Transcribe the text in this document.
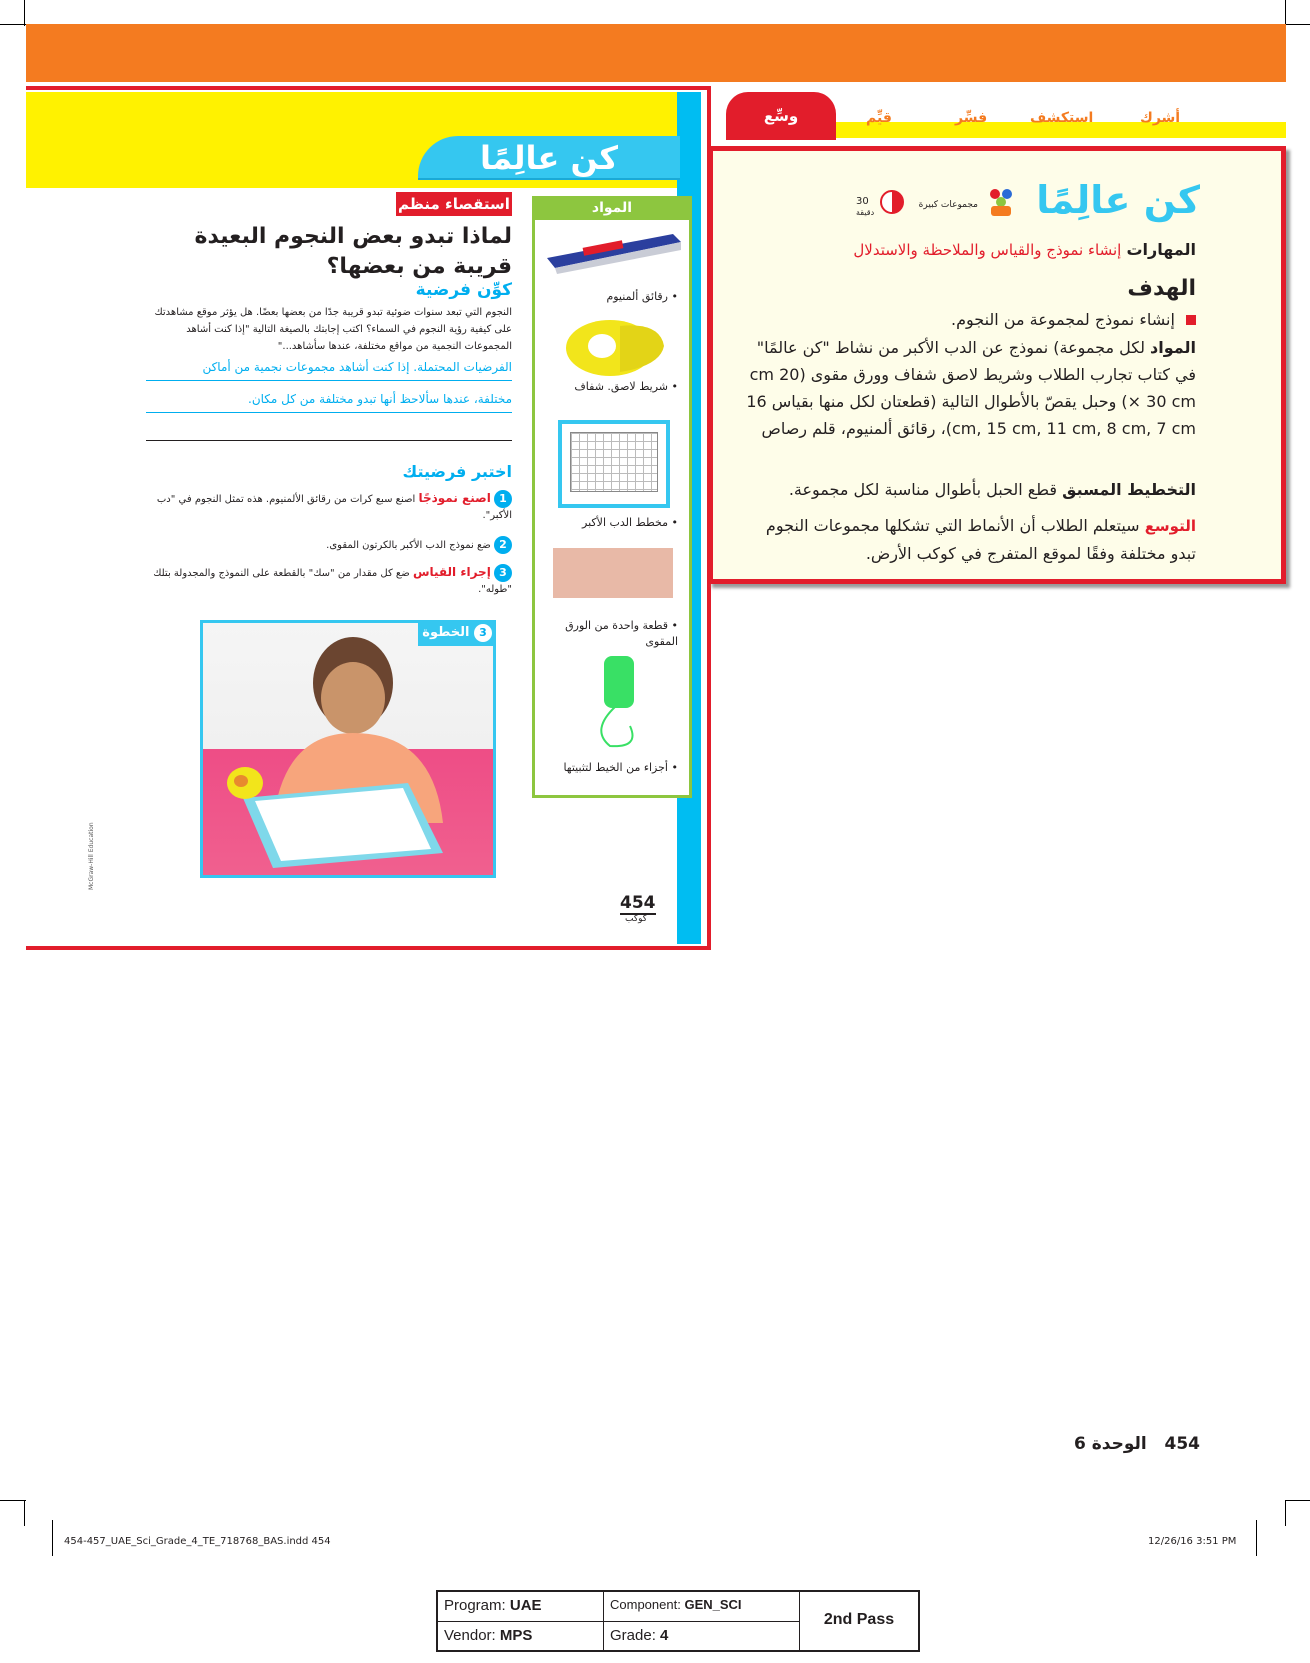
كن عالِمًا
المواد
• رقائق ألمنيوم
• شريط لاصق. شفاف
• مخطط الدب الأكبر
• قطعة واحدة من الورق المقوى
• أجزاء من الخيط لتثبيتها
استقصاء منظم
لماذا تبدو بعض النجوم البعيدة قريبة من بعضها؟
كوِّن فرضية
النجوم التي تبعد سنوات ضوئية تبدو قريبة جدًا من بعضها بعضًا. هل يؤثر موقع مشاهدتك على كيفية رؤية النجوم في السماء؟ اكتب إجابتك بالصيغة التالية "إذا كنت أشاهد المجموعات النجمية من مواقع مختلفة، عندها سأشاهد..."
الفرضيات المحتملة. إذا كنت أشاهد مجموعات نجمية من أماكن
مختلفة، عندها سألاحظ أنها تبدو مختلفة من كل مكان.
اختبر فرضيتك
1 اصنع نموذجًا اصنع سبع كرات من رقائق الألمنيوم. هذه تمثل النجوم في "دب الأكبر".
2 ضع نموذج الدب الأكبر بالكرتون المقوى.
3 إجراء القياس ضع كل مقدار من "سك" بالقطعة على النموذج والمجدولة بتلك "طوله".
3 الخطوة
McGraw-Hill Education
454
كوكب
وسِّع	أشرك
استكشف
فسِّر
قيِّم
كن عالِمًا
مجموعات كبيرة
30
دقيقة
المهارات إنشاء نموذج والقياس والملاحظة والاستدلال
الهدف
إنشاء نموذج لمجموعة من النجوم.
المواد لكل مجموعة) نموذج عن الدب الأكبر من نشاط "كن عالمًا" في كتاب تجارب الطلاب وشريط لاصق شفاف وورق مقوى (20 cm × 30 cm) وحبل يقصّ بالأطوال التالية (قطعتان لكل منها بقياس 16 cm, 15 cm, 11 cm, 8 cm, 7 cm)، رقائق ألمنيوم، قلم رصاص
التخطيط المسبق قطع الحبل بأطوال مناسبة لكل مجموعة.
التوسع سيتعلم الطلاب أن الأنماط التي تشكلها مجموعات النجوم تبدو مختلفة وفقًا لموقع المتفرج في كوكب الأرض.
454   الوحدة 6
454-457_UAE_Sci_Grade_4_TE_718768_BAS.indd 454	12/26/16 3:51 PM
Program: UAE	Component: GEN_SCI
Vendor: MPS	Grade: 4
2nd Pass
